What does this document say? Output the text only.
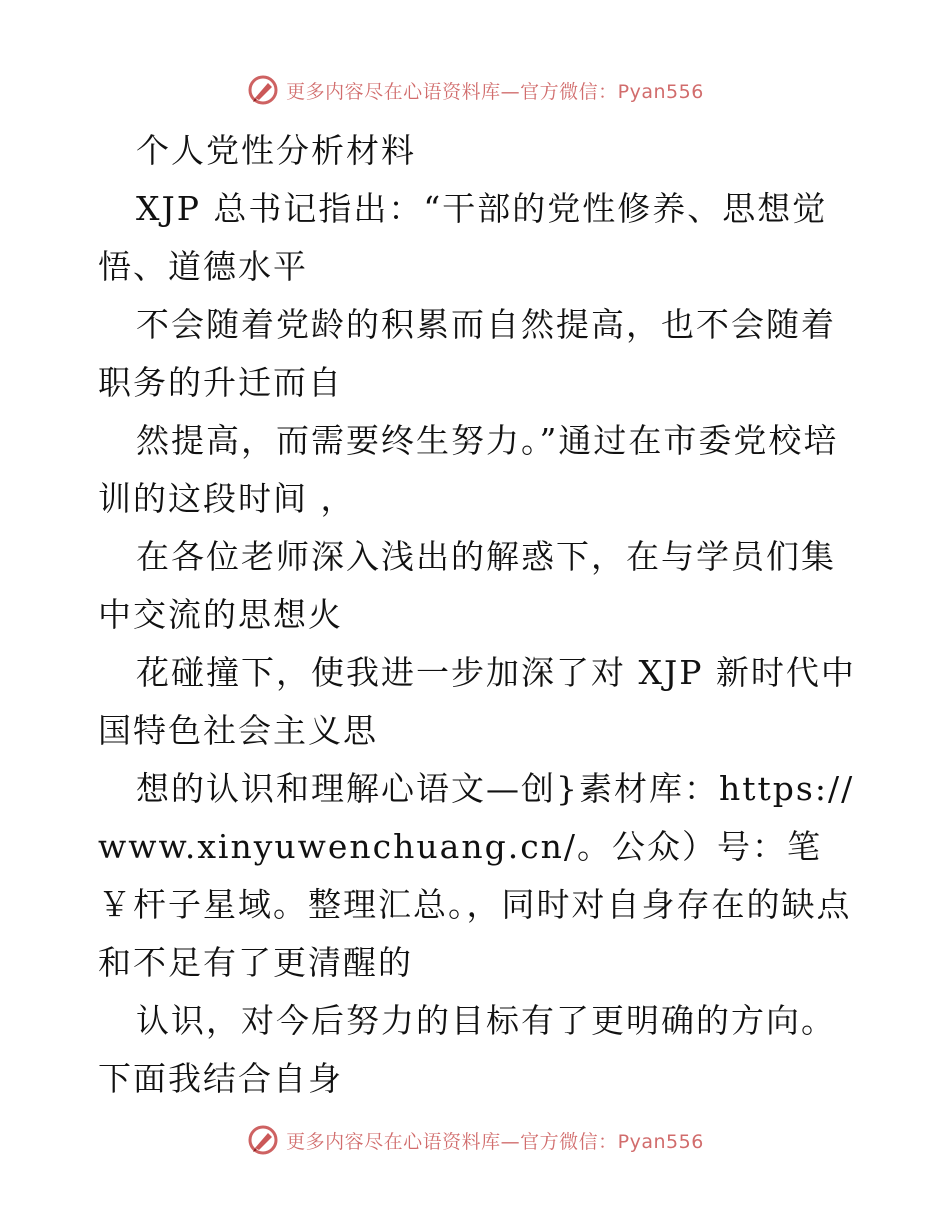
更多内容尽在心语资料库—官方微信：Pyan556

个人党性分析材料

XJP 总书记指出：“干部的党性修养、思想觉悟、道德水平

不会随着党龄的积累而自然提高，也不会随着职务的升迁而自

然提高，而需要终生努力。”通过在市委党校培训的这段时间 ，

在各位老师深入浅出的解惑下，在与学员们集中交流的思想火

花碰撞下，使我进一步加深了对 XJP 新时代中国特色社会主义思

想的认识和理解心语文—创}素材库：https://www.xinyuwenchuang.cn/。公众）号：笔￥杆子星域。整理汇总。，同时对自身存在的缺点和不足有了更清醒的

认识，对今后努力的目标有了更明确的方向。下面我结合自身

更多内容尽在心语资料库—官方微信：Pyan556
